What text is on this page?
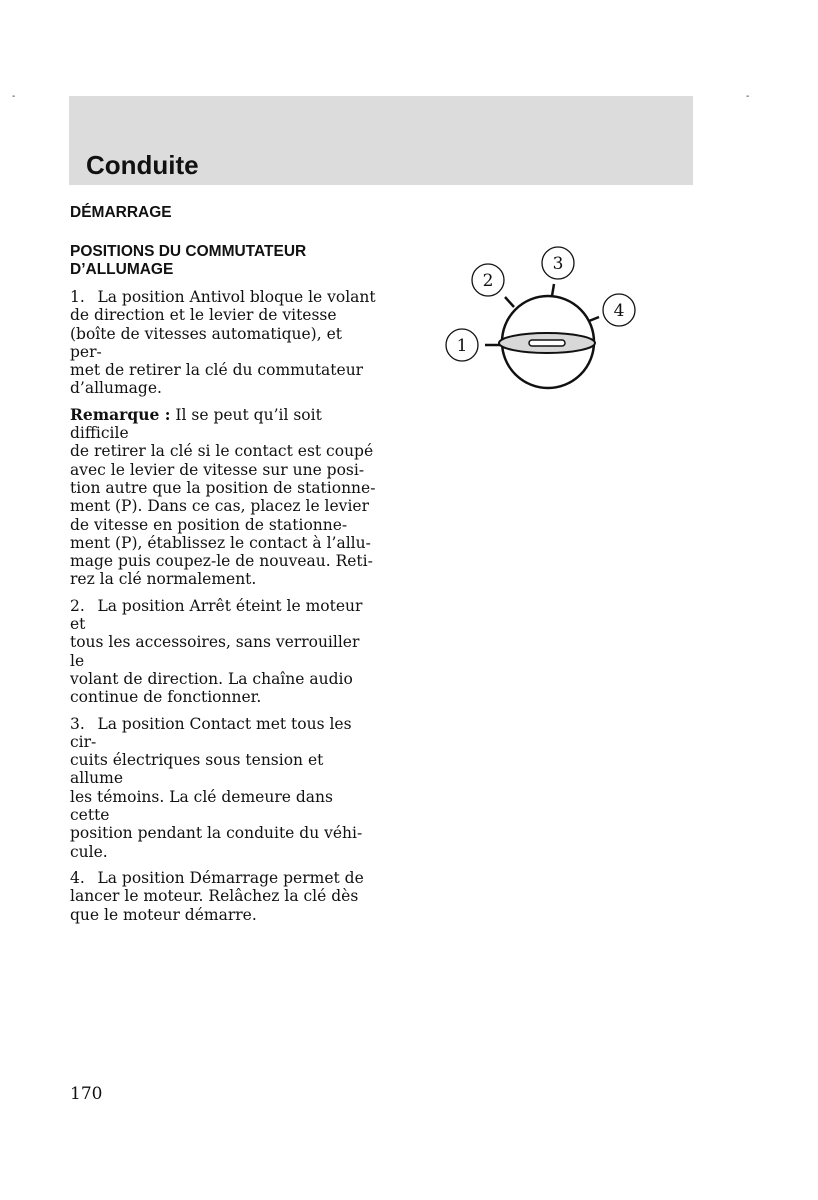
-	-
Conduite
DÉMARRAGE
POSITIONS DU COMMUTATEUR
D’ALLUMAGE

1.  La position Antivol bloque le volant
de direction et le levier de vitesse
(boîte de vitesses automatique), et per-
met de retirer la clé du commutateur
d’allumage.

Remarque : Il se peut qu’il soit difficile
de retirer la clé si le contact est coupé
avec le levier de vitesse sur une posi-
tion autre que la position de stationne-
ment (P). Dans ce cas, placez le levier
de vitesse en position de stationne-
ment (P), établissez le contact à l’allu-
mage puis coupez-le de nouveau. Reti-
rez la clé normalement.

2.  La position Arrêt éteint le moteur et
tous les accessoires, sans verrouiller le
volant de direction. La chaîne audio
continue de fonctionner.

3.  La position Contact met tous les cir-
cuits électriques sous tension et allume
les témoins. La clé demeure dans cette
position pendant la conduite du véhi-
cule.

4.  La position Démarrage permet de
lancer le moteur. Relâchez la clé dès
que le moteur démarre.

1
2
3
4

170
